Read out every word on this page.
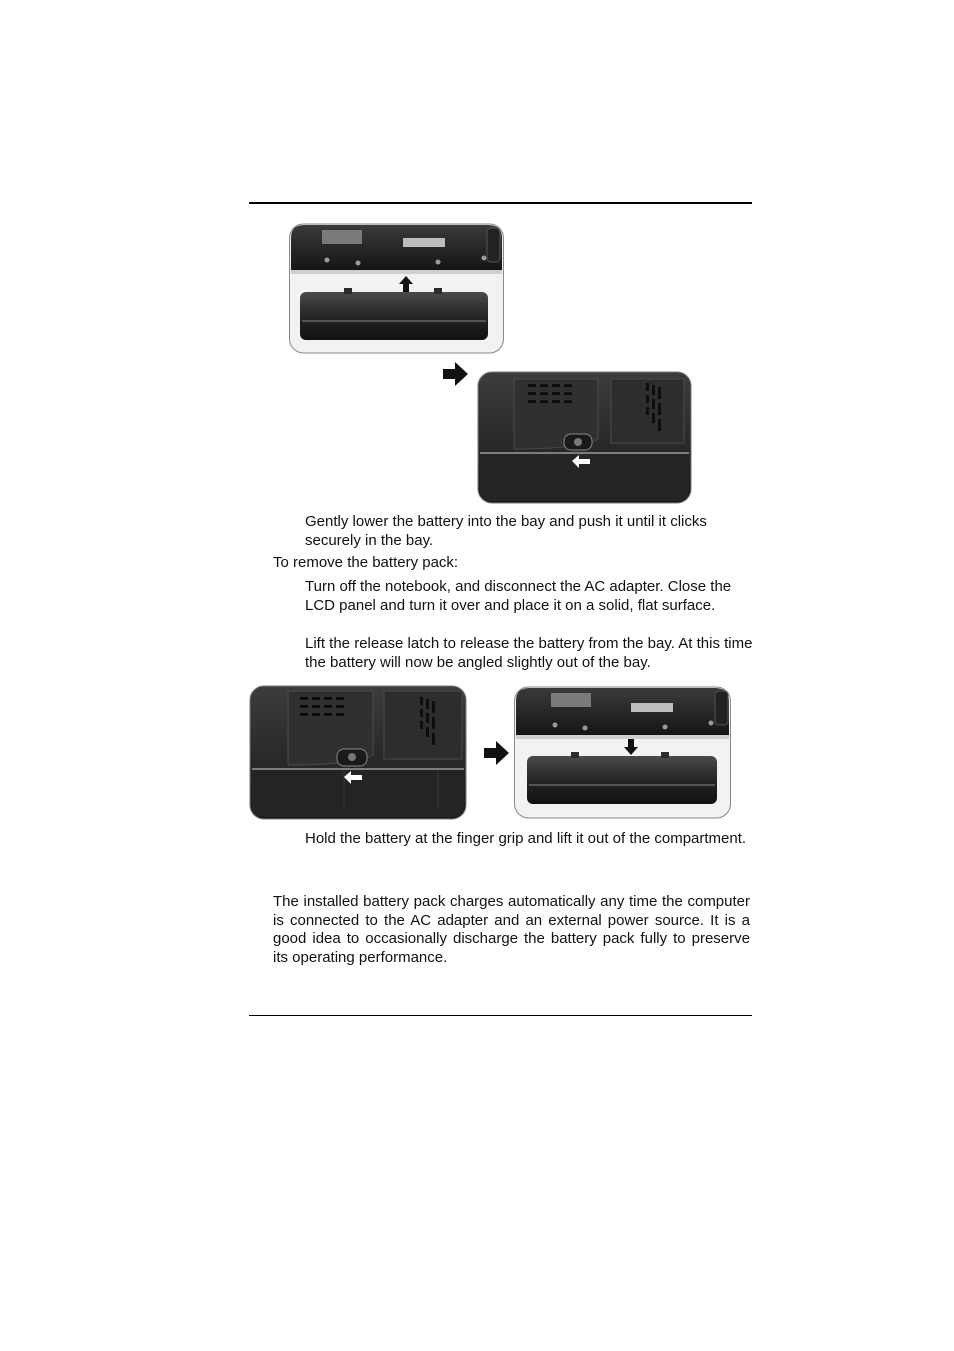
Gently lower the battery into the bay and push it until it clicks securely in the bay.
To remove the battery pack:
Turn off the notebook, and disconnect the AC adapter. Close the LCD panel and turn it over and place it on a solid, flat surface.
Lift the release latch to release the battery from the bay. At this time the battery will now be angled slightly out of the bay.
Hold the battery at the finger grip and lift it out of the compartment.
The installed battery pack charges automatically any time the computer is connected to the AC adapter and an external power source. It is a good idea to occasionally discharge the battery pack fully to preserve its operating performance.
